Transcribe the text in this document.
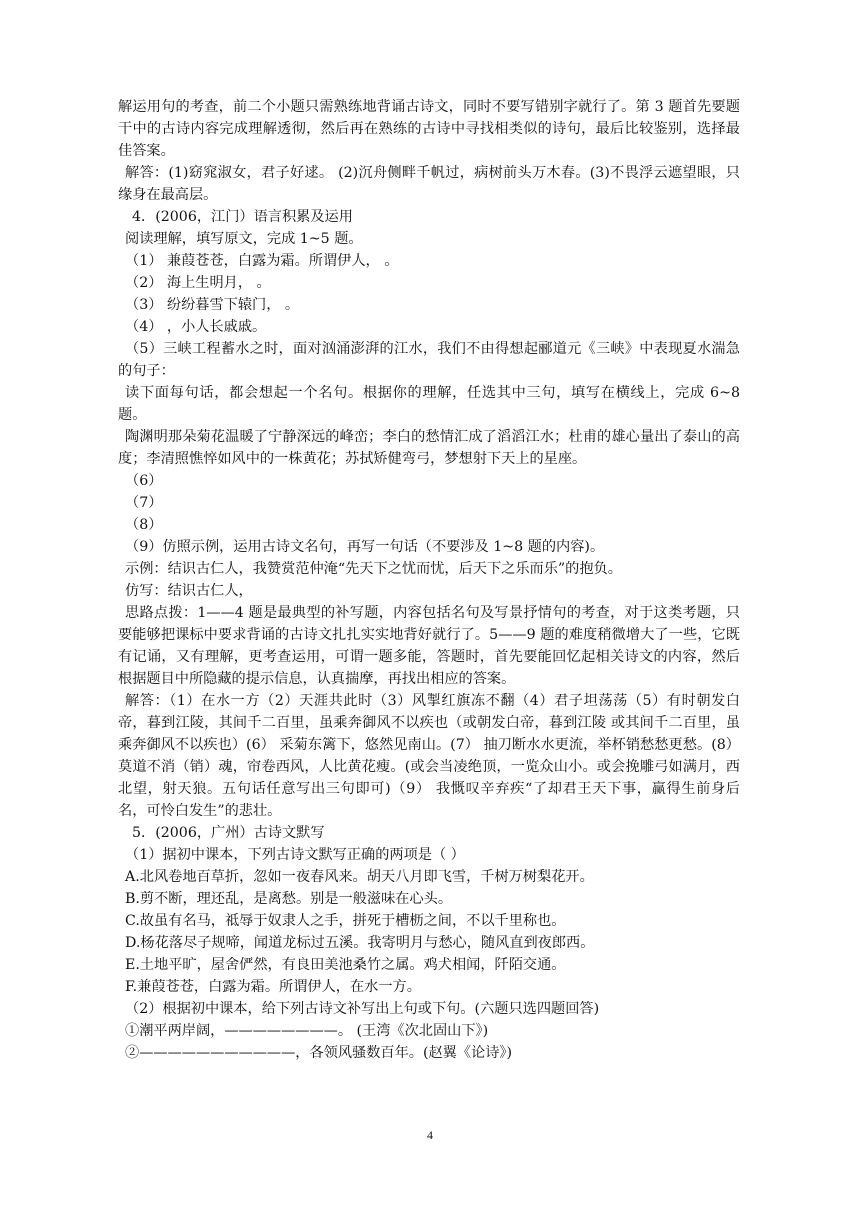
解运用句的考查，前二个小题只需熟练地背诵古诗文，同时不要写错别字就行了。第 3 题首先要题干中的古诗内容完成理解透彻，然后再在熟练的古诗中寻找相类似的诗句，最后比较鉴别，选择最佳答案。

解答：(1)窈窕淑女，君子好逑。 (2)沉舟侧畔千帆过，病树前头万木春。(3)不畏浮云遮望眼，只缘身在最高层。

4．(2006，江门）语言积累及运用

阅读理解，填写原文，完成 1~5 题。

（1） 兼葭苍苍，白露为霜。所谓伊人， 。

（2） 海上生明月， 。

（3） 纷纷暮雪下辕门， 。

（4） ，小人长戚戚。

（5）三峡工程蓄水之时，面对汹涌澎湃的江水，我们不由得想起郦道元《三峡》中表现夏水湍急的句子：

读下面每句话，都会想起一个名句。根据你的理解，任选其中三句，填写在横线上，完成 6~8 题。

陶渊明那朵菊花温暖了宁静深远的峰峦；李白的愁情汇成了滔滔江水；杜甫的雄心量出了泰山的高度；李清照憔悴如风中的一株黄花；苏拭矫健弯弓，梦想射下天上的星座。

（6）

（7）

（8）

（9）仿照示例，运用古诗文名句，再写一句话（不要涉及 1~8 题的内容)。

示例：结识古仁人，我赞赏范仲淹“先天下之忧而忧，后天下之乐而乐”的抱负。

仿写：结识古仁人，

思路点拨：1——4 题是最典型的补写题，内容包括名句及写景抒情句的考查，对于这类考题，只要能够把课标中要求背诵的古诗文扎扎实实地背好就行了。5——9 题的难度稍微增大了一些，它既有记诵，又有理解，更考查运用，可谓一题多能，答题时，首先要能回忆起相关诗文的内容，然后根据题目中所隐藏的提示信息，认真揣摩，再找出相应的答案。

解答：（1）在水一方（2）天涯共此时（3）风掣红旗冻不翻（4）君子坦荡荡（5）有时朝发白帝，暮到江陵，其间千二百里，虽乘奔御风不以疾也（或朝发白帝，暮到江陵 或其间千二百里，虽乘奔御风不以疾也）(6） 采菊东篱下，悠然见南山。(7） 抽刀断水水更流，举杯销愁愁更愁。(8） 莫道不消（销）魂，帘卷西风，人比黄花瘦。(或会当凌绝顶，一览众山小。或会挽雕弓如满月，西北望，射天狼。五句话任意写出三句即可)（9） 我慨叹辛弃疾“了却君王天下事，赢得生前身后名，可怜白发生”的悲壮。

5．(2006，广州）古诗文默写

（1）据初中课本，下列古诗文默写正确的两项是（ ）

A.北风卷地百草折，忽如一夜春风来。胡天八月即飞雪，千树万树梨花开。

B.剪不断，理还乱，是离愁。别是一般滋味在心头。

C.故虽有名马，祗辱于奴隶人之手，拼死于槽枥之间，不以千里称也。

D.杨花落尽子规啼，闻道龙标过五溪。我寄明月与愁心，随风直到夜郎西。

E.土地平旷，屋舍俨然，有良田美池桑竹之属。鸡犬相闻，阡陌交通。

F.兼葭苍苍，白露为霜。所谓伊人，在水一方。

（2）根据初中课本，给下列古诗文补写出上句或下句。(六题只选四题回答)

①潮平两岸阔，————————。 (王湾《次北固山下》)

②———————————，各领风骚数百年。(赵翼《论诗》)

4
